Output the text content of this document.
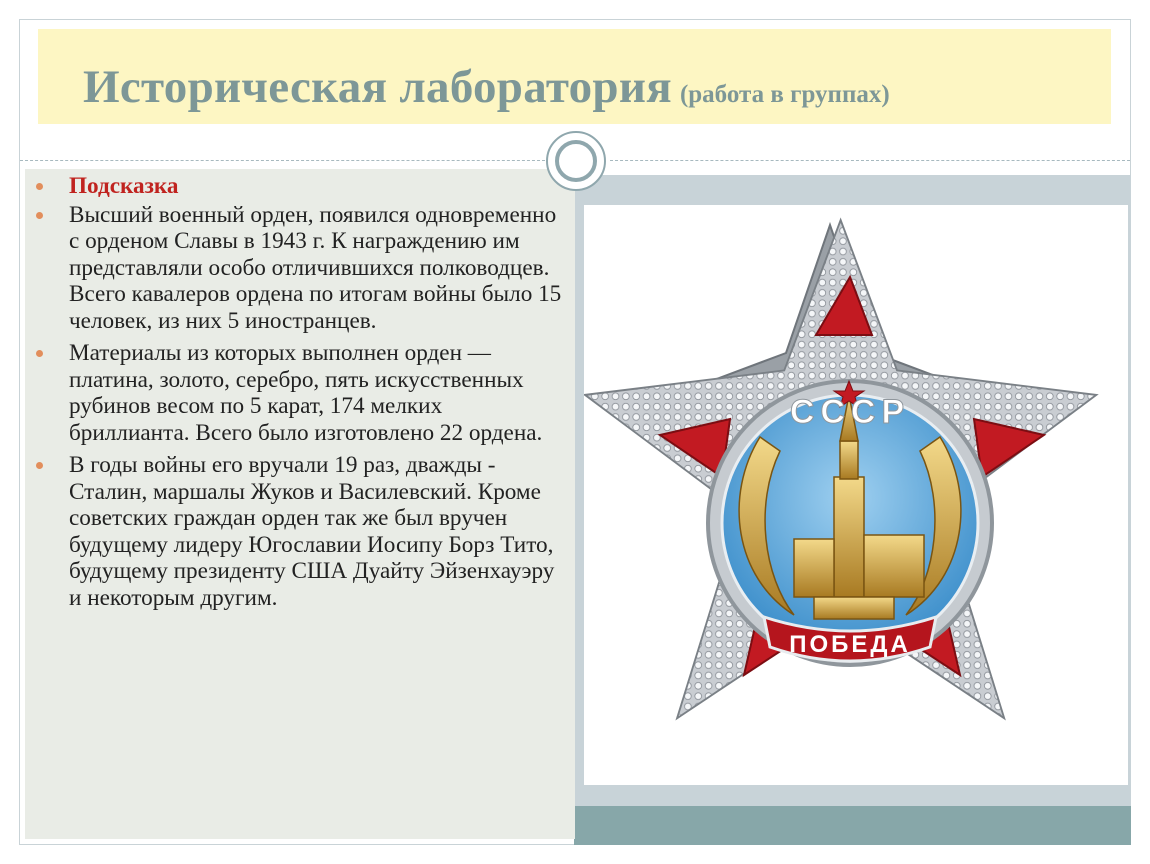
Историческая лаборатория (работа в группах)
Подсказка
Высший военный орден, появился одновременно с орденом Славы в 1943 г. К награждению им представляли особо отличившихся полководцев. Всего кавалеров ордена по итогам войны было 15 человек, из них 5 иностранцев.
Материалы из которых выполнен орден — платина, золото, серебро, пять искусственных рубинов весом по 5 карат, 174 мелких бриллианта. Всего было изготовлено 22 ордена.
В годы войны его вручали 19 раз, дважды - Сталин, маршалы Жуков и Василевский. Кроме советских граждан орден так же был вручен будущему лидеру Югославии Иосипу Борз Тито, будущему президенту США Дуайту Эйзенхауэру и некоторым другим.
СССР
ПОБЕДА
